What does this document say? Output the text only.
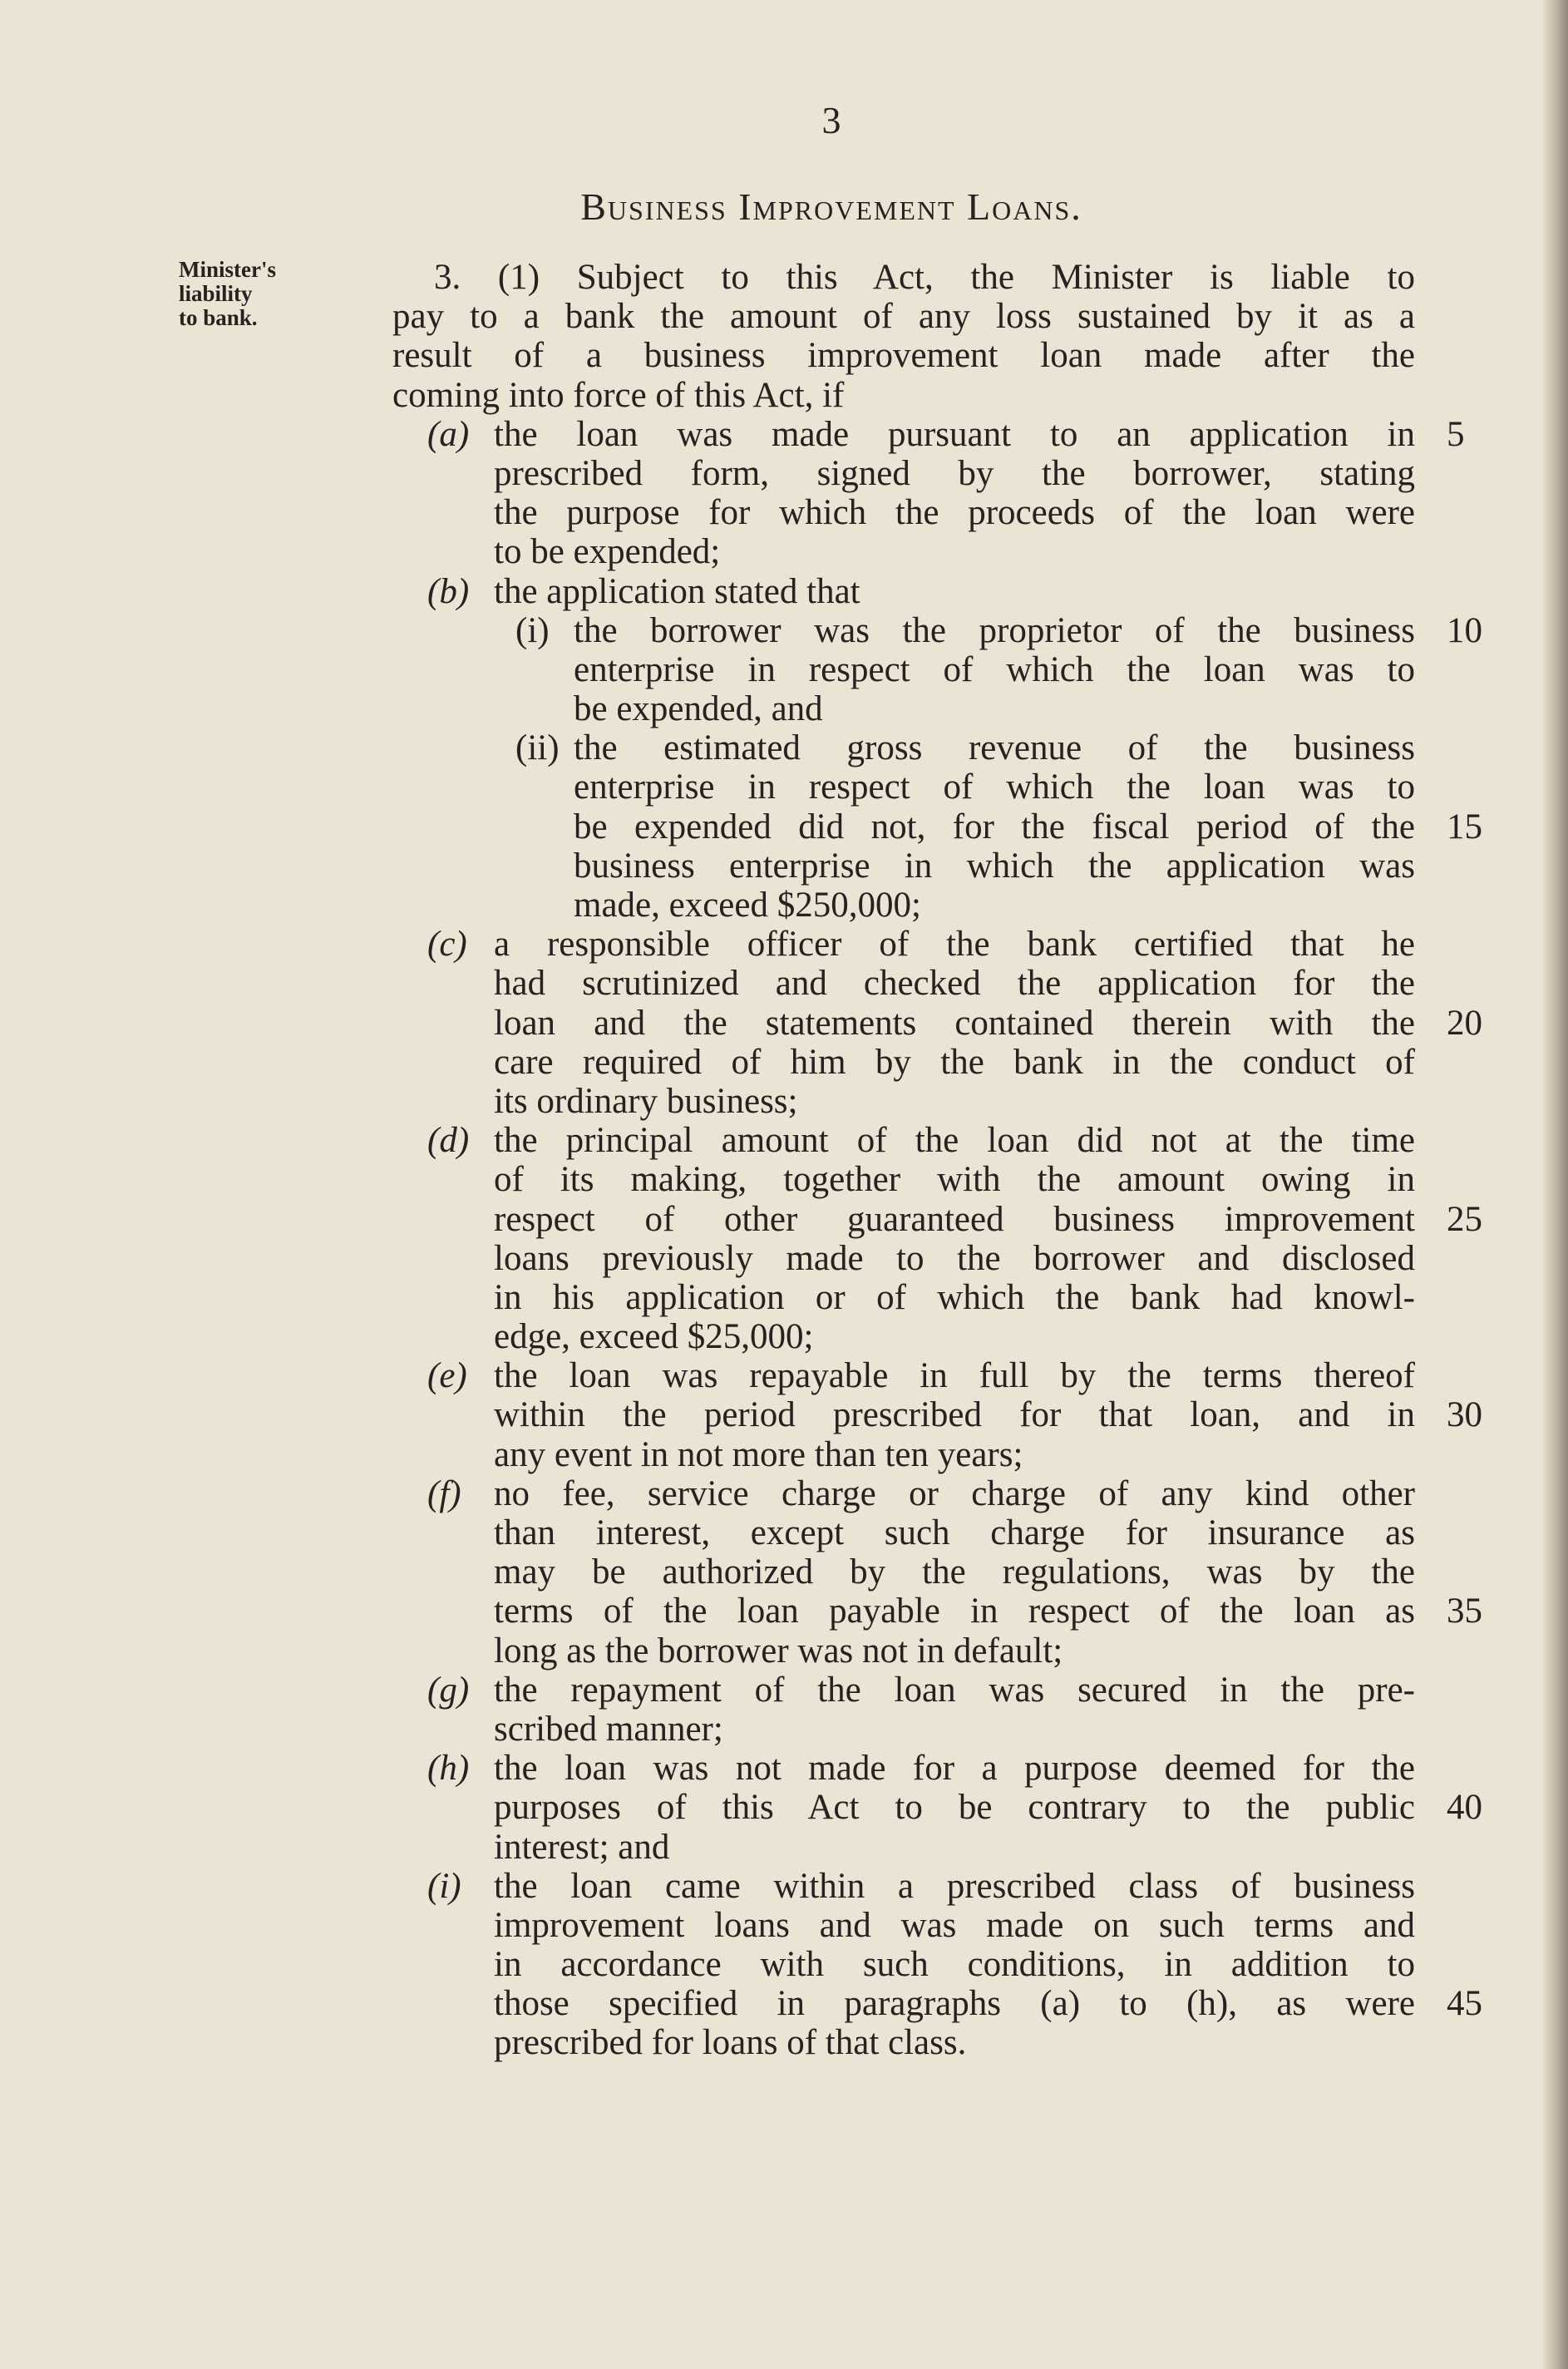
3
Business Improvement Loans.
Minister's
liability
to bank.
3. (1) Subject to this Act, the Minister is liable to
pay to a bank the amount of any loss sustained by it as a
result of a business improvement loan made after the
coming into force of this Act, if
(a) the loan was made pursuant to an application in 5
prescribed form, signed by the borrower, stating
the purpose for which the proceeds of the loan were
to be expended;
(b) the application stated that
(i) the borrower was the proprietor of the business 10
enterprise in respect of which the loan was to
be expended, and
(ii) the estimated gross revenue of the business
enterprise in respect of which the loan was to
be expended did not, for the fiscal period of the 15
business enterprise in which the application was
made, exceed $250,000;
(c) a responsible officer of the bank certified that he
had scrutinized and checked the application for the
loan and the statements contained therein with the 20
care required of him by the bank in the conduct of
its ordinary business;
(d) the principal amount of the loan did not at the time
of its making, together with the amount owing in
respect of other guaranteed business improvement 25
loans previously made to the borrower and disclosed
in his application or of which the bank had knowl-
edge, exceed $25,000;
(e) the loan was repayable in full by the terms thereof
within the period prescribed for that loan, and in 30
any event in not more than ten years;
(f) no fee, service charge or charge of any kind other
than interest, except such charge for insurance as
may be authorized by the regulations, was by the
terms of the loan payable in respect of the loan as 35
long as the borrower was not in default;
(g) the repayment of the loan was secured in the pre-
scribed manner;
(h) the loan was not made for a purpose deemed for the
purposes of this Act to be contrary to the public 40
interest; and
(i) the loan came within a prescribed class of business
improvement loans and was made on such terms and
in accordance with such conditions, in addition to
those specified in paragraphs (a) to (h), as were 45
prescribed for loans of that class.
